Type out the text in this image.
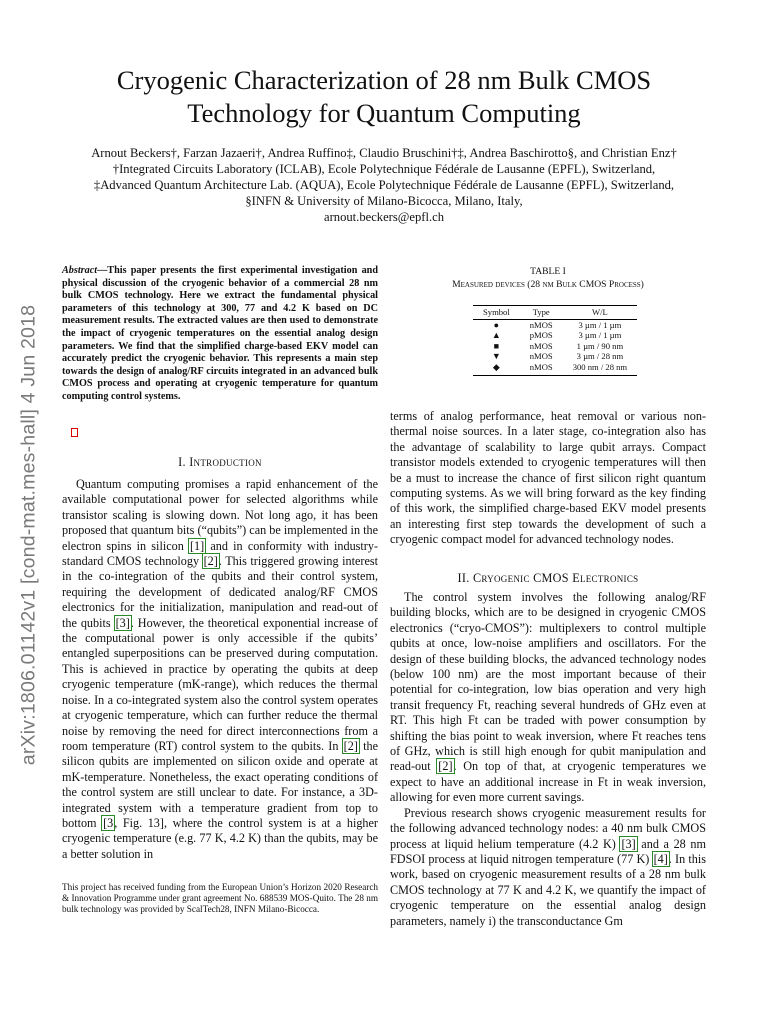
Cryogenic Characterization of 28 nm Bulk CMOS
Technology for Quantum Computing
Arnout Beckers†, Farzan Jazaeri†, Andrea Ruffino‡, Claudio Bruschini†‡, Andrea Baschirotto§, and Christian Enz†
†Integrated Circuits Laboratory (ICLAB), Ecole Polytechnique Fédérale de Lausanne (EPFL), Switzerland,
‡Advanced Quantum Architecture Lab. (AQUA), Ecole Polytechnique Fédérale de Lausanne (EPFL), Switzerland,
§INFN & University of Milano-Bicocca, Milano, Italy,
arnout.beckers@epfl.ch
arXiv:1806.01142v1 [cond-mat.mes-hall] 4 Jun 2018
Abstract—This paper presents the first experimental investigation and physical discussion of the cryogenic behavior of a commercial 28 nm bulk CMOS technology. Here we extract the fundamental physical parameters of this technology at 300, 77 and 4.2 K based on DC measurement results. The extracted values are then used to demonstrate the impact of cryogenic temperatures on the essential analog design parameters. We find that the simplified charge-based EKV model can accurately predict the cryogenic behavior. This represents a main step towards the design of analog/RF circuits integrated in an advanced bulk CMOS process and operating at cryogenic temperature for quantum computing control systems.
I. Introduction

Quantum computing promises a rapid enhancement of the available computational power for selected algorithms while transistor scaling is slowing down. Not long ago, it has been proposed that quantum bits (“qubits”) can be implemented in the electron spins in silicon [1] and in conformity with industry-standard CMOS technology [2]. This triggered growing interest in the co-integration of the qubits and their control system, requiring the development of dedicated analog/RF CMOS electronics for the initialization, manipulation and read-out of the qubits [3]. However, the theoretical exponential increase of the computational power is only accessible if the qubits’ entangled superpositions can be preserved during computation. This is achieved in practice by operating the qubits at deep cryogenic temperature (mK-range), which reduces the thermal noise. In a co-integrated system also the control system operates at cryogenic temperature, which can further reduce the thermal noise by removing the need for direct interconnections from a room temperature (RT) control system to the qubits. In [2] the silicon qubits are implemented on silicon oxide and operate at mK-temperature. Nonetheless, the exact operating conditions of the control system are still unclear to date. For instance, a 3D-integrated system with a temperature gradient from top to bottom [3, Fig. 13], where the control system is at a higher cryogenic temperature (e.g. 77 K, 4.2 K) than the qubits, may be a better solution in

This project has received funding from the European Union’s Horizon 2020 Research & Innovation Programme under grant agreement No. 688539 MOS-Quito. The 28 nm bulk technology was provided by ScalTech28, INFN Milano-Bicocca.
TABLE I
Measured devices (28 nm Bulk CMOS Process)
Symbol	Type	W/L
●	nMOS	3 µm / 1 µm
▲	pMOS	3 µm / 1 µm
■	nMOS	1 µm / 90 nm
▼	nMOS	3 µm / 28 nm
◆	nMOS	300 nm / 28 nm

terms of analog performance, heat removal or various non-thermal noise sources. In a later stage, co-integration also has the advantage of scalability to large qubit arrays. Compact transistor models extended to cryogenic temperatures will then be a must to increase the chance of first silicon right quantum computing systems. As we will bring forward as the key finding of this work, the simplified charge-based EKV model presents an interesting first step towards the development of such a cryogenic compact model for advanced technology nodes.

II. Cryogenic CMOS Electronics

The control system involves the following analog/RF building blocks, which are to be designed in cryogenic CMOS electronics (“cryo-CMOS”): multiplexers to control multiple qubits at once, low-noise amplifiers and oscillators. For the design of these building blocks, the advanced technology nodes (below 100 nm) are the most important because of their potential for co-integration, low bias operation and very high transit frequency Ft, reaching several hundreds of GHz even at RT. This high Ft can be traded with power consumption by shifting the bias point to weak inversion, where Ft reaches tens of GHz, which is still high enough for qubit manipulation and read-out [2]. On top of that, at cryogenic temperatures we expect to have an additional increase in Ft in weak inversion, allowing for even more current savings.

Previous research shows cryogenic measurement results for the following advanced technology nodes: a 40 nm bulk CMOS process at liquid helium temperature (4.2 K) [3] and a 28 nm FDSOI process at liquid nitrogen temperature (77 K) [4]. In this work, based on cryogenic measurement results of a 28 nm bulk CMOS technology at 77 K and 4.2 K, we quantify the impact of cryogenic temperature on the essential analog design parameters, namely i) the transconductance Gm
